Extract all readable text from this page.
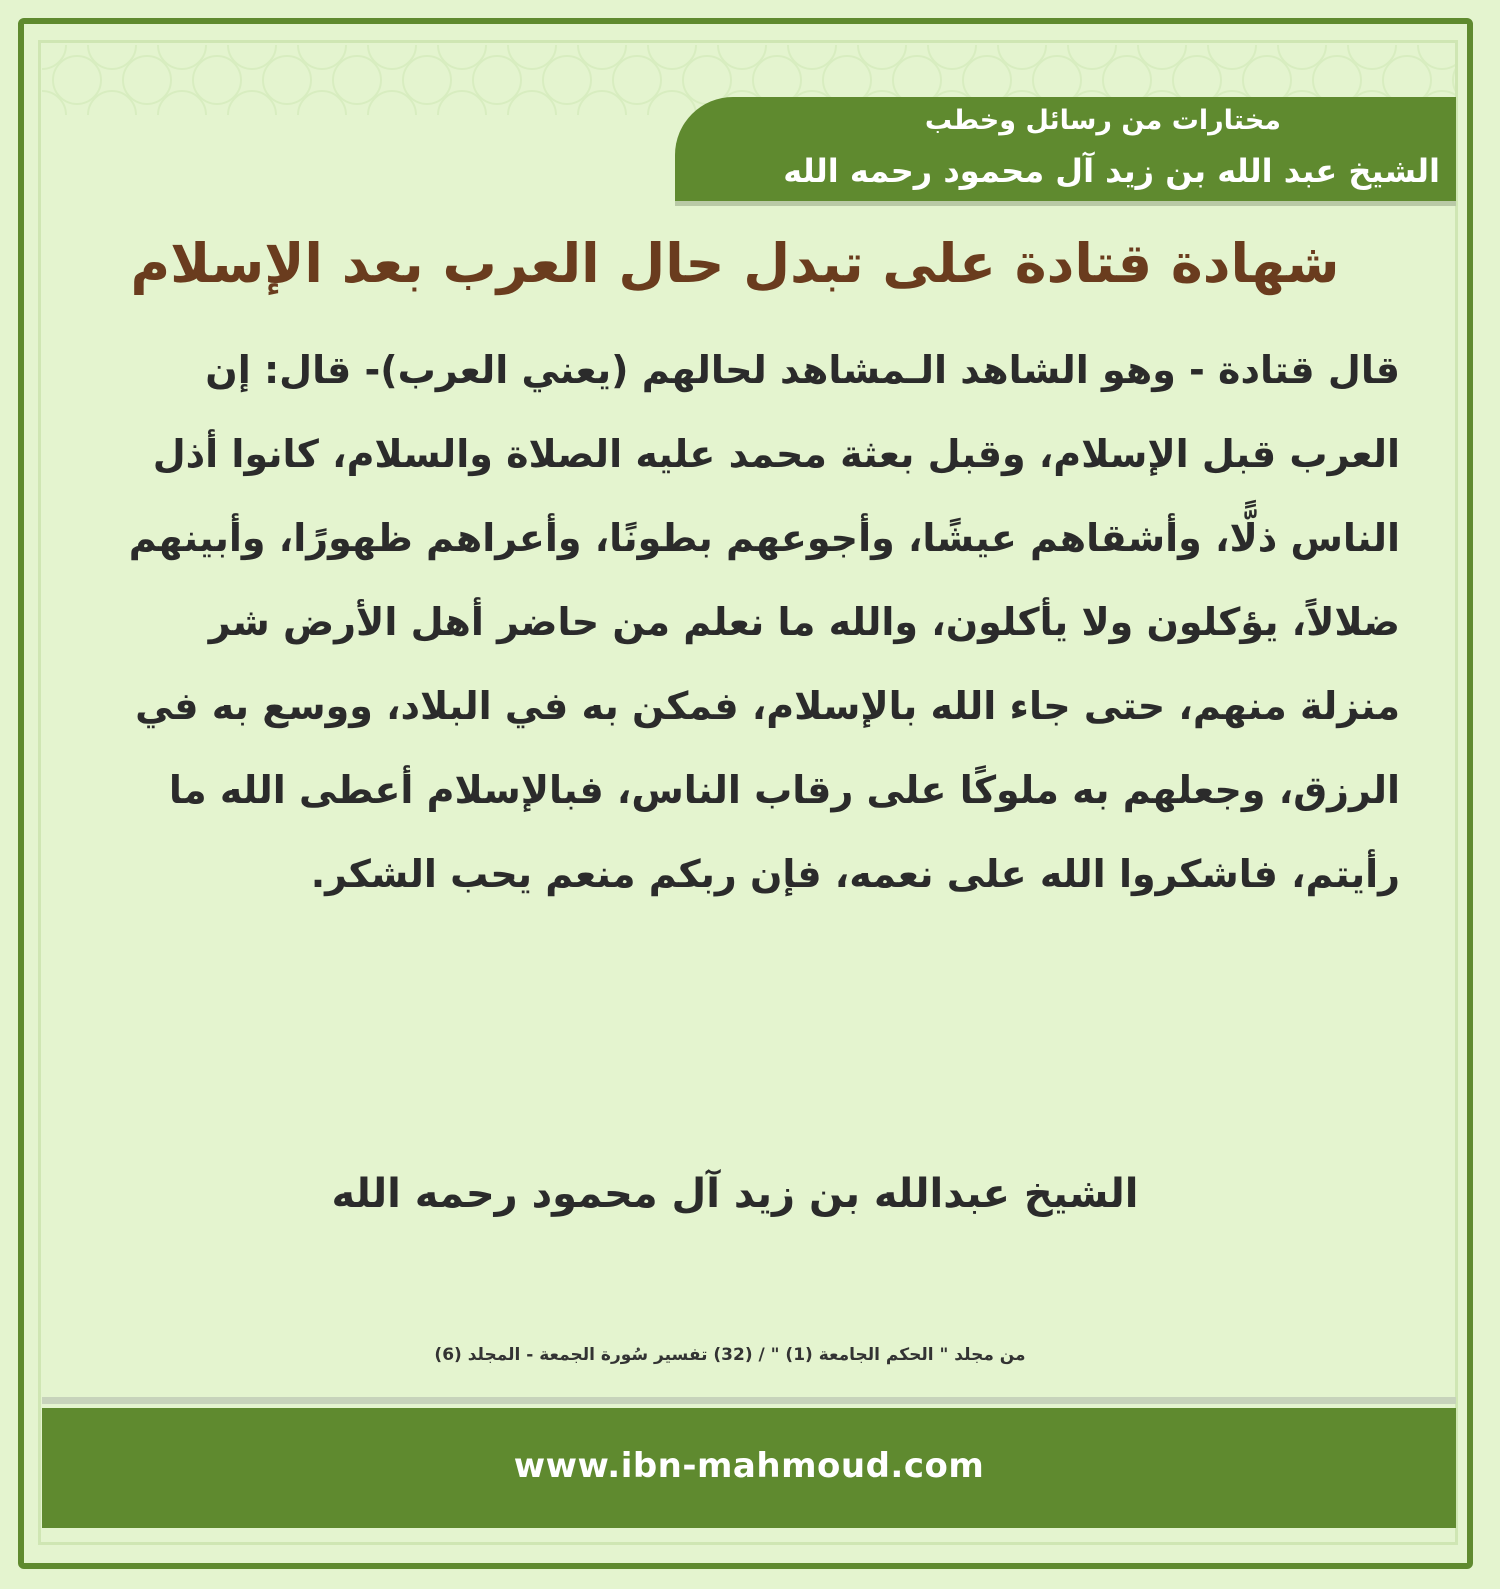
مختارات من رسائل وخطب
الشيخ عبد الله بن زيد آل محمود رحمه الله
شهادة قتادة على تبدل حال العرب بعد الإسلام
قال قتادة - وهو الشاهد الـمشاهد لحالهم (يعني العرب)- قال: إن العرب قبل الإسلام، وقبل بعثة محمد عليه الصلاة والسلام، كانوا أذل الناس ذلًّا، وأشقاهم عيشًا، وأجوعهم بطونًا، وأعراهم ظهورًا، وأبينهم ضلالاً، يؤكلون ولا يأكلون، والله ما نعلم من حاضر أهل الأرض شر منزلة منهم، حتى جاء الله بالإسلام، فمكن به في البلاد، ووسع به في الرزق، وجعلهم به ملوكًا على رقاب الناس، فبالإسلام أعطى الله ما رأيتم، فاشكروا الله على نعمه، فإن ربكم منعم يحب الشكر.
الشيخ عبدالله بن زيد آل محمود رحمه الله
من مجلد " الحكم الجامعة (1) " / (32) تفسير سُورة الجمعة - المجلد (6)
www.ibn-mahmoud.com
